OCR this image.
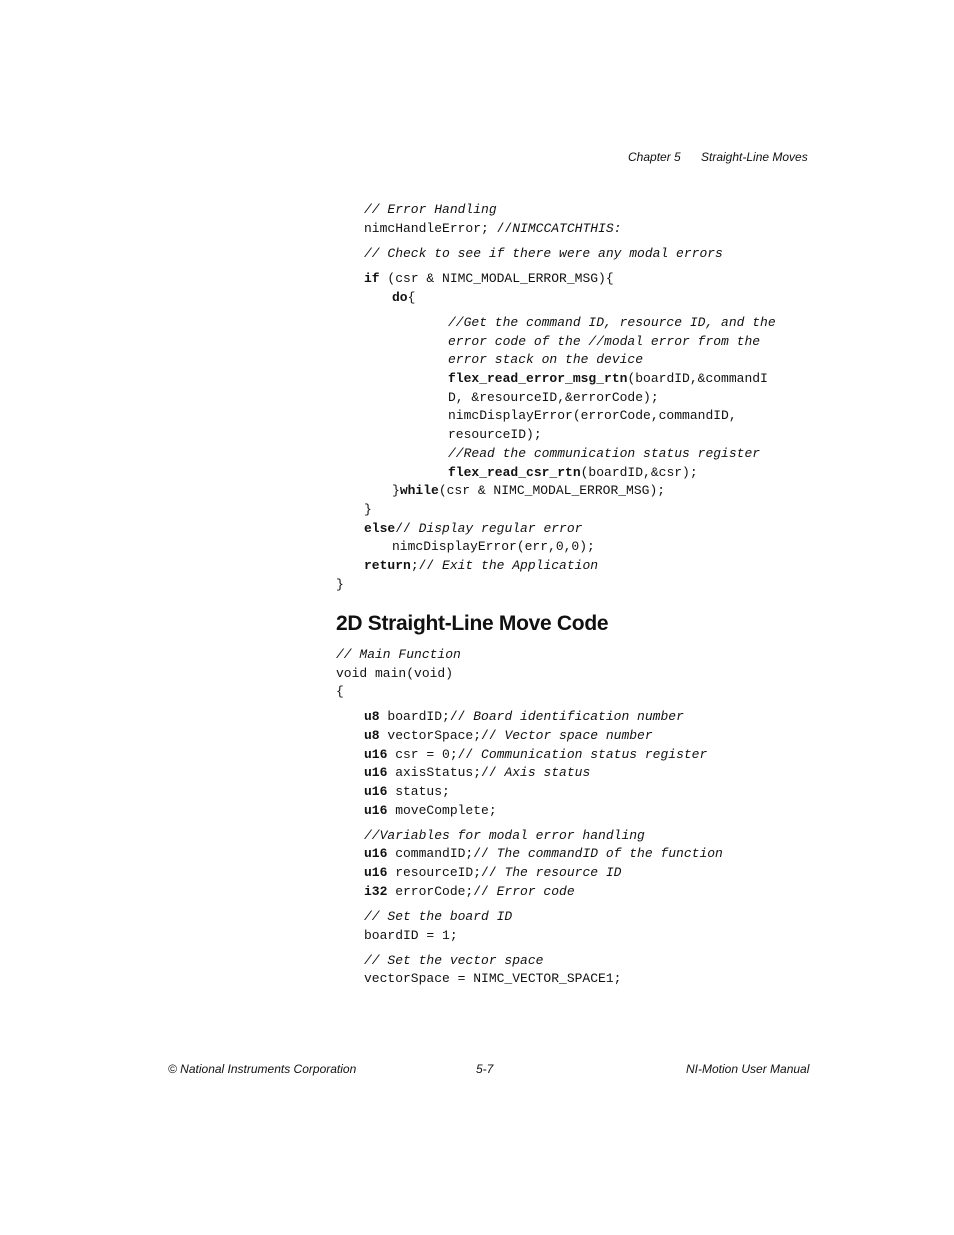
Chapter 5 Straight-Line Moves
// Error Handling
nimcHandleError; //NIMCCATCHTHIS:
// Check to see if there were any modal errors
if (csr & NIMC_MODAL_ERROR_MSG){
do{
//Get the command ID, resource ID, and the
error code of the //modal error from the
error stack on the device
flex_read_error_msg_rtn(boardID,&commandI
D, &resourceID,&errorCode);
nimcDisplayError(errorCode,commandID,
resourceID);
//Read the communication status register
flex_read_csr_rtn(boardID,&csr);
}while(csr & NIMC_MODAL_ERROR_MSG);
}
else// Display regular error
nimcDisplayError(err,0,0);
return;// Exit the Application
}
2D Straight-Line Move Code
// Main Function
void main(void)
{
u8 boardID;// Board identification number
u8 vectorSpace;// Vector space number
u16 csr = 0;// Communication status register
u16 axisStatus;// Axis status
u16 status;
u16 moveComplete;
//Variables for modal error handling
u16 commandID;// The commandID of the function
u16 resourceID;// The resource ID
i32 errorCode;// Error code
// Set the board ID
boardID = 1;
// Set the vector space
vectorSpace = NIMC_VECTOR_SPACE1;
© National Instruments Corporation	5-7	NI-Motion User Manual
